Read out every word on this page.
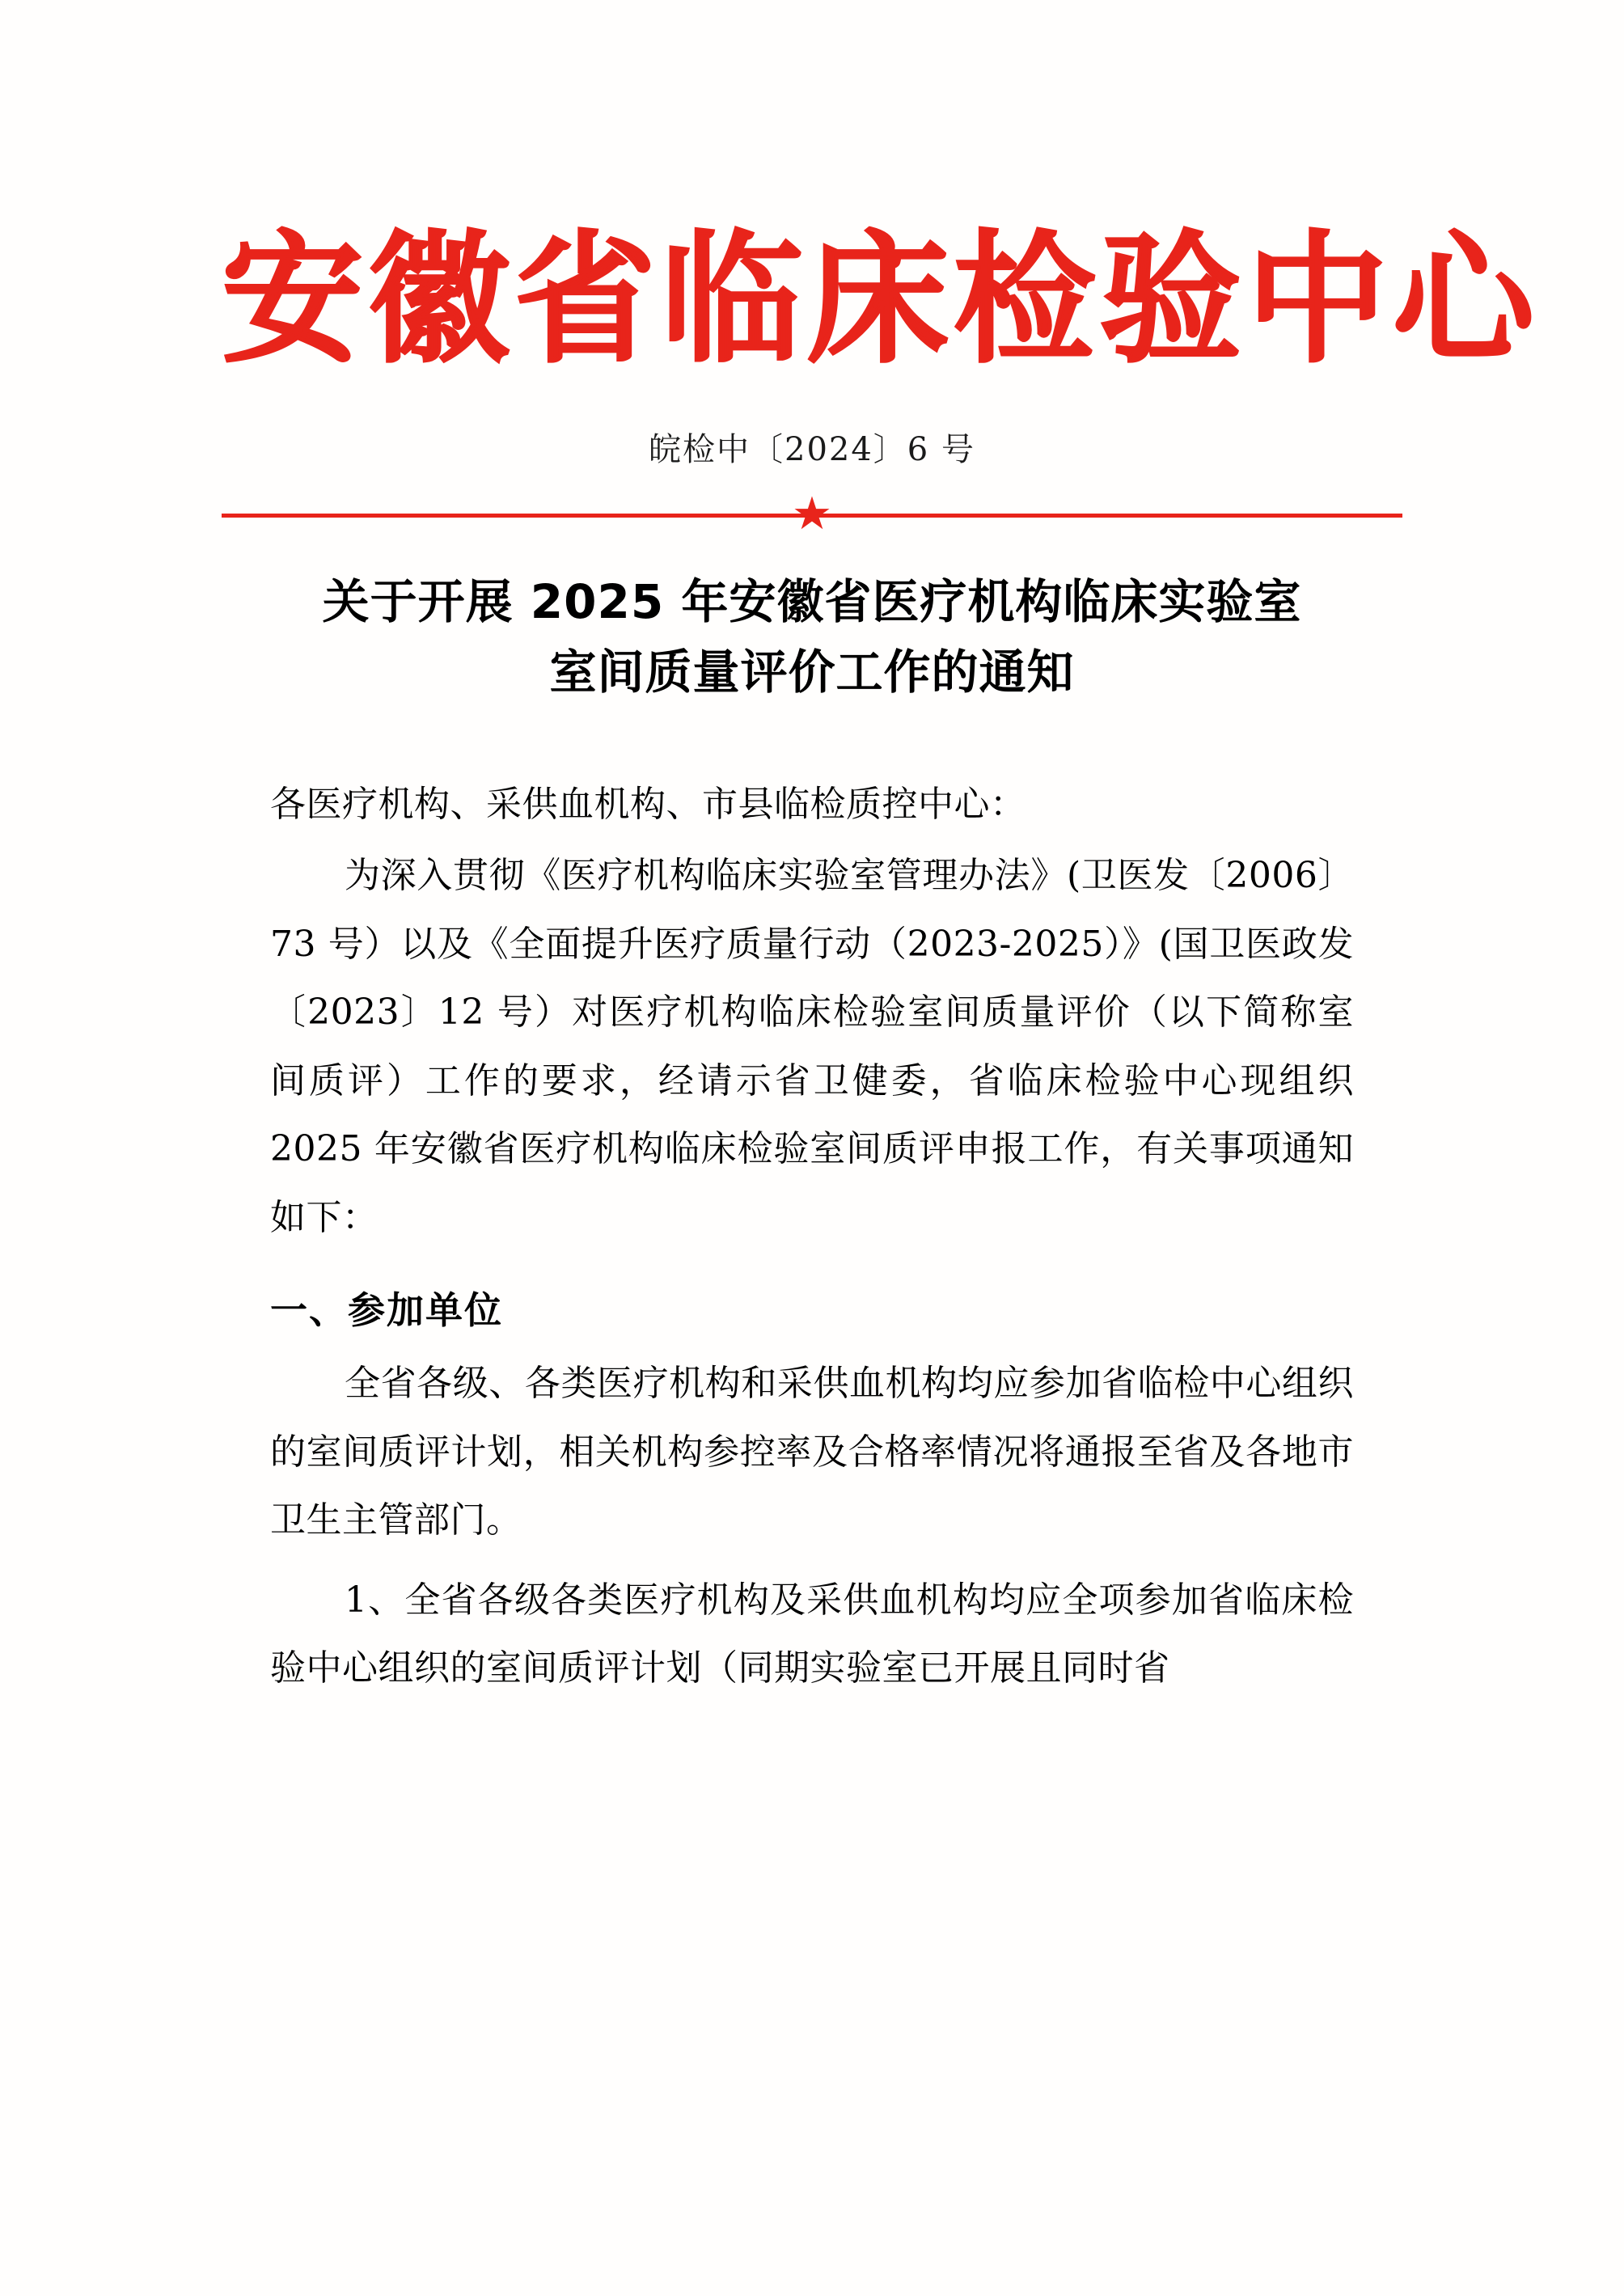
安徽省临床检验中心
皖检中〔2024〕6 号
★
关于开展 2025 年安徽省医疗机构临床实验室
室间质量评价工作的通知

各医疗机构、采供血机构、市县临检质控中心：

为深入贯彻《医疗机构临床实验室管理办法》(卫医发〔2006〕73 号）以及《全面提升医疗质量行动（2023-2025）》(国卫医政发〔2023〕12 号）对医疗机构临床检验室间质量评价（以下简称室间质评）工作的要求，经请示省卫健委，省临床检验中心现组织 2025 年安徽省医疗机构临床检验室间质评申报工作，有关事项通知如下：

一、参加单位

全省各级、各类医疗机构和采供血机构均应参加省临检中心组织的室间质评计划，相关机构参控率及合格率情况将通报至省及各地市卫生主管部门。

1、全省各级各类医疗机构及采供血机构均应全项参加省临床检验中心组织的室间质评计划（同期实验室已开展且同时省
